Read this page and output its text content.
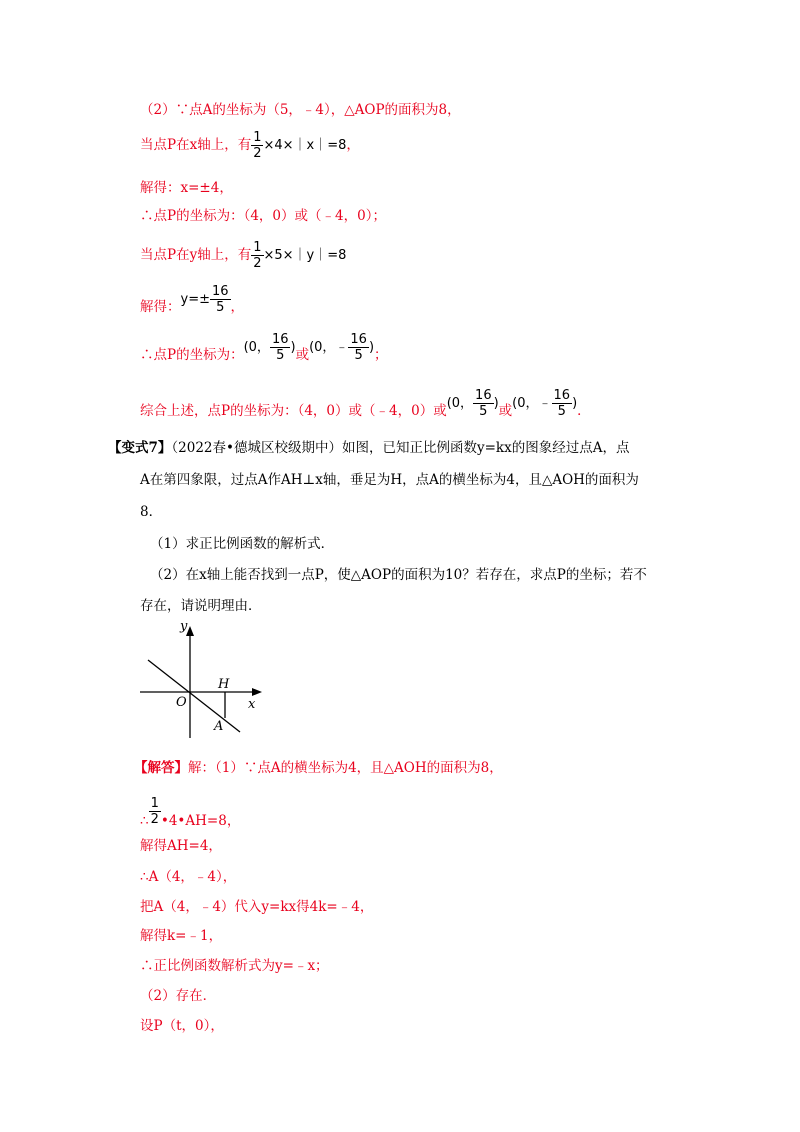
（2）∵点A的坐标为（5，﹣4），△AOP的面积为8，
当点P在x轴上，有 $\frac{1}{2}$ ×4×｜x｜=8，
解得：x=±4，
∴点P的坐标为：（4，0）或（﹣4，0）；
当点P在y轴上，有 $\frac{1}{2}$ ×5×｜y｜=8
解得：$y=\pm \frac{16}{5}$ ，
∴点P的坐标为：(0， $\frac{16}{5}$ )或(0，﹣ $\frac{16}{5}$ )；
综合上述，点P的坐标为：（4，0）或（﹣4，0）或(0， $\frac{16}{5}$ )或(0，﹣ $\frac{16}{5}$ )．
【变式7】（2022春•德城区校级期中）如图，已知正比例函数y=kx的图象经过点A，点
A在第四象限，过点A作AH⊥x轴，垂足为H，点A的横坐标为4，且△AOH的面积为
8．
（1）求正比例函数的解析式．
（2）在x轴上能否找到一点P，使△AOP的面积为10？若存在，求点P的坐标；若不
存在，请说明理由．
y
x
O
H
A
【解答】解：（1）∵点A的横坐标为4，且△AOH的面积为8，
∴ $\frac{1}{2}$ •4•AH=8，
解得AH=4，
∴A（4，﹣4），
把A（4，﹣4）代入y=kx得4k=﹣4，
解得k=﹣1，
∴正比例函数解析式为y=﹣x；
（2）存在．
设P（t，0），
